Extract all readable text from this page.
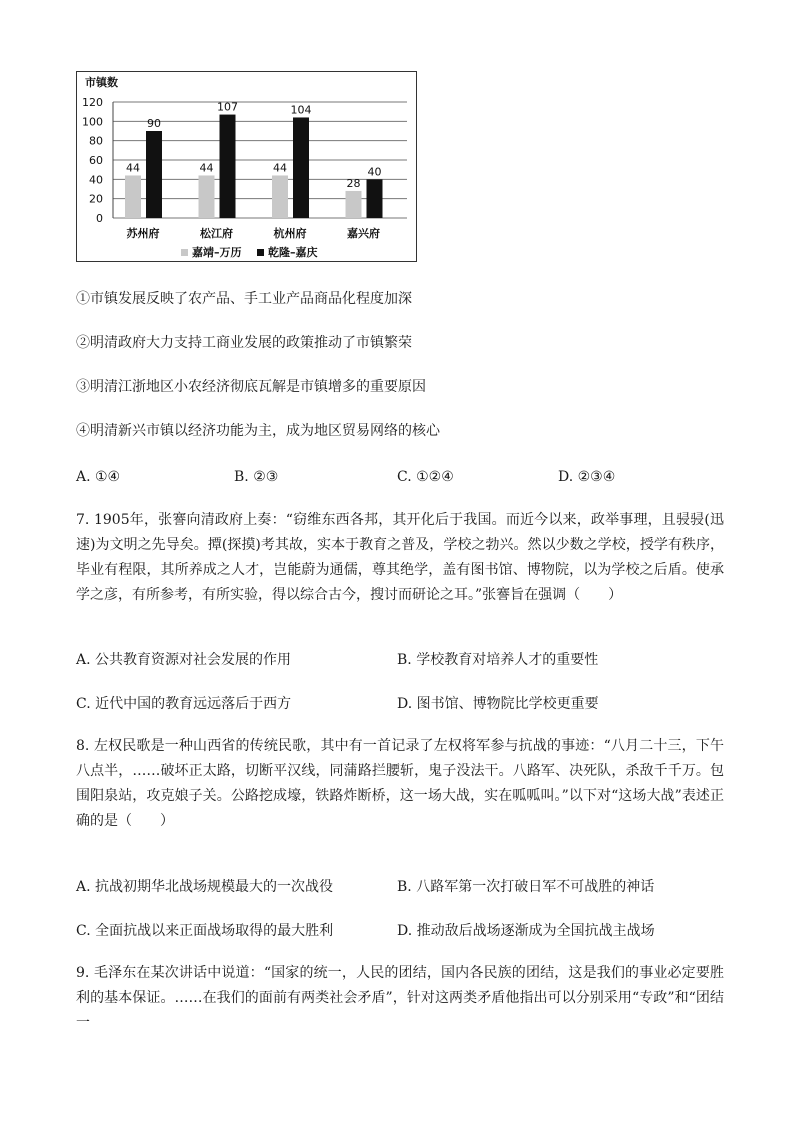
市镇数
0
20
40
60
80
100
120
44
90
苏州府
44
107
松江府
44
104
杭州府
28
40
嘉兴府
嘉靖–万历 乾隆–嘉庆
①市镇发展反映了农产品、手工业产品商品化程度加深
②明清政府大力支持工商业发展的政策推动了市镇繁荣
③明清江浙地区小农经济彻底瓦解是市镇增多的重要原因
④明清新兴市镇以经济功能为主，成为地区贸易网络的核心
A. ①④	B. ②③	C. ①②④	D. ②③④

7. 1905年，张謇向清政府上奏：“窃维东西各邦，其开化后于我国。而近今以来，政举事理，且骎骎(迅速)为文明之先导矣。撢(探摸)考其故，实本于教育之普及，学校之勃兴。然以少数之学校，授学有秩序，毕业有程限，其所养成之人才，岂能蔚为通儒，尊其绝学，盖有图书馆、博物院，以为学校之后盾。使承学之彦，有所参考，有所实验，得以综合古今，搜讨而研论之耳。”张謇旨在强调（　　）

A. 公共教育资源对社会发展的作用	B. 学校教育对培养人才的重要性
C. 近代中国的教育远远落后于西方	D. 图书馆、博物院比学校更重要

8. 左权民歌是一种山西省的传统民歌，其中有一首记录了左权将军参与抗战的事迹：“八月二十三，下午八点半，……破坏正太路，切断平汉线，同蒲路拦腰斩，鬼子没法干。八路军、决死队，杀敌千千万。包围阳泉站，攻克娘子关。公路挖成壕，铁路炸断桥，这一场大战，实在呱呱叫。”以下对“这场大战”表述正确的是（　　）

A. 抗战初期华北战场规模最大的一次战役	B. 八路军第一次打破日军不可战胜的神话
C. 全面抗战以来正面战场取得的最大胜利	D. 推动敌后战场逐渐成为全国抗战主战场

9. 毛泽东在某次讲话中说道：“国家的统一，人民的团结，国内各民族的团结，这是我们的事业必定要胜利的基本保证。……在我们的面前有两类社会矛盾”，针对这两类矛盾他指出可以分别采用“专政”和“团结一
